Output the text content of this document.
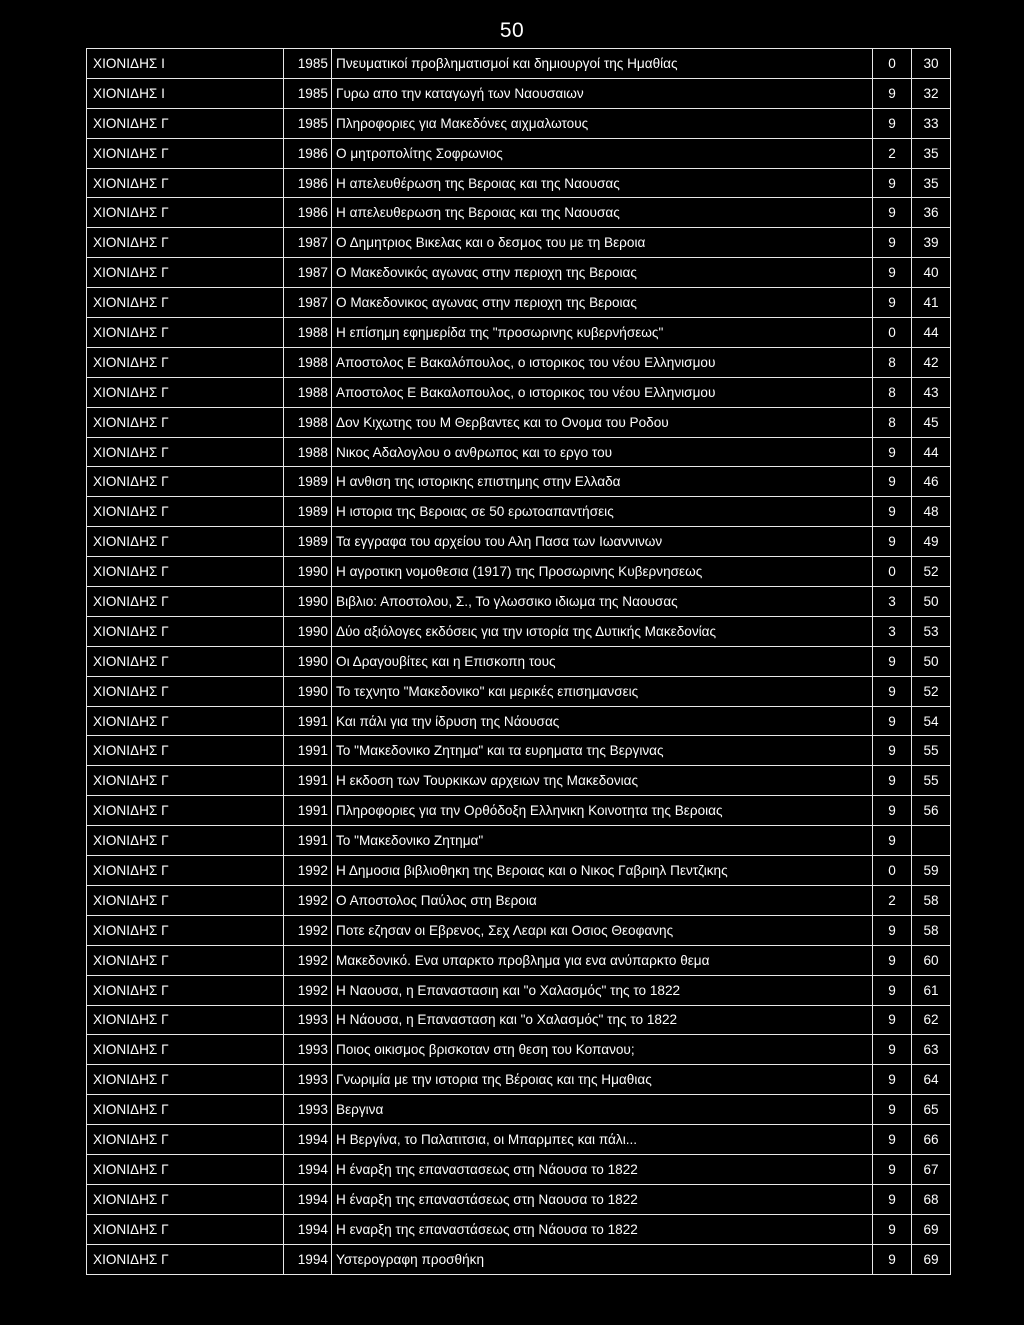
50
ΧΙΟΝΙΔΗΣ Ι	1985	Πνευματικοί προβληματισμοί και δημιουργοί της Ημαθίας	0	30
ΧΙΟΝΙΔΗΣ Ι	1985	Γυρω απο την καταγωγή των Ναουσαιων	9	32
ΧΙΟΝΙΔΗΣ Γ	1985	Πληροφοριες για Μακεδόνες αιχμαλωτους	9	33
ΧΙΟΝΙΔΗΣ Γ	1986	Ο μητροπολίτης Σοφρωνιος	2	35
ΧΙΟΝΙΔΗΣ Γ	1986	Η απελευθέρωση της Βεροιας και της Ναουσας	9	35
ΧΙΟΝΙΔΗΣ Γ	1986	Η απελευθερωση της Βεροιας και της Ναουσας	9	36
ΧΙΟΝΙΔΗΣ Γ	1987	Ο Δημητριος Βικελας και ο δεσμος του με τη Βεροια	9	39
ΧΙΟΝΙΔΗΣ Γ	1987	Ο Μακεδονικός αγωνας στην περιοχη της Βεροιας	9	40
ΧΙΟΝΙΔΗΣ Γ	1987	Ο Μακεδονικος αγωνας στην περιοχη της Βεροιας	9	41
ΧΙΟΝΙΔΗΣ Γ	1988	Η επίσημη εφημερίδα της "προσωρινης κυβερνήσεως"	0	44
ΧΙΟΝΙΔΗΣ Γ	1988	Αποστολος Ε Βακαλόπουλος, ο ιστορικος του νέου Ελληνισμου	8	42
ΧΙΟΝΙΔΗΣ Γ	1988	Αποστολος Ε Βακαλοπουλος, ο ιστορικος του νέου Ελληνισμου	8	43
ΧΙΟΝΙΔΗΣ Γ	1988	Δον Κιχωτης του Μ Θερβαντες και το Ονομα του Ροδου	8	45
ΧΙΟΝΙΔΗΣ Γ	1988	Νικος Αδαλογλου ο ανθρωπος και το εργο του	9	44
ΧΙΟΝΙΔΗΣ Γ	1989	Η ανθιση της ιστορικης επιστημης στην Ελλαδα	9	46
ΧΙΟΝΙΔΗΣ Γ	1989	Η ιστορια της Βεροιας σε 50 ερωτοαπαντήσεις	9	48
ΧΙΟΝΙΔΗΣ Γ	1989	Τα εγγραφα του αρχείου του Αλη Πασα των Ιωαννινων	9	49
ΧΙΟΝΙΔΗΣ Γ	1990	Η αγροτικη νομοθεσια (1917) της Προσωρινης Κυβερνησεως	0	52
ΧΙΟΝΙΔΗΣ Γ	1990	Βιβλιο: Αποστολου, Σ., Το γλωσσικο ιδιωμα της Ναουσας	3	50
ΧΙΟΝΙΔΗΣ Γ	1990	Δύο αξιόλογες εκδόσεις για την ιστορία της Δυτικής Μακεδονίας	3	53
ΧΙΟΝΙΔΗΣ Γ	1990	Οι Δραγουβίτες και η Επισκοπη τους	9	50
ΧΙΟΝΙΔΗΣ Γ	1990	Το τεχνητο "Μακεδονικο" και μερικές επισημανσεις	9	52
ΧΙΟΝΙΔΗΣ Γ	1991	Και πάλι για την ίδρυση της Νάουσας	9	54
ΧΙΟΝΙΔΗΣ Γ	1991	Το "Μακεδονικο Ζητημα" και τα ευρηματα της Βεργινας	9	55
ΧΙΟΝΙΔΗΣ Γ	1991	Η εκδοση των Τουρκικων αρχειων της Μακεδονιας	9	55
ΧΙΟΝΙΔΗΣ Γ	1991	Πληροφοριες για την Ορθόδοξη Ελληνικη Κοινοτητα της Βεροιας	9	56
ΧΙΟΝΙΔΗΣ Γ	1991	Το "Μακεδονικο Ζητημα"	9	
ΧΙΟΝΙΔΗΣ Γ	1992	Η Δημοσια βιβλιοθηκη της Βεροιας και ο Νικος Γαβριηλ Πεντζικης	0	59
ΧΙΟΝΙΔΗΣ Γ	1992	Ο Αποστολος Παύλος στη Βεροια	2	58
ΧΙΟΝΙΔΗΣ Γ	1992	Ποτε εζησαν οι Εβρενος, Σεχ Λεαρι και Οσιος Θεοφανης	9	58
ΧΙΟΝΙΔΗΣ Γ	1992	Μακεδονικό. Ενα υπαρκτο προβλημα για ενα ανύπαρκτο θεμα	9	60
ΧΙΟΝΙΔΗΣ Γ	1992	Η Ναουσα, η Επαναστασιη και "ο Χαλασμός" της το 1822	9	61
ΧΙΟΝΙΔΗΣ Γ	1993	Η Νάουσα, η Επανασταση και "ο Χαλασμός" της το 1822	9	62
ΧΙΟΝΙΔΗΣ Γ	1993	Ποιος οικισμος βρισκοταν στη θεση του Κοπανου;	9	63
ΧΙΟΝΙΔΗΣ Γ	1993	Γνωριμία με την ιστορια της Βέροιας και της Ημαθιας	9	64
ΧΙΟΝΙΔΗΣ Γ	1993	Βεργινα	9	65
ΧΙΟΝΙΔΗΣ Γ	1994	Η Βεργίνα, το Παλατιτσια, οι Μπαρμπες και πάλι...	9	66
ΧΙΟΝΙΔΗΣ Γ	1994	Η έναρξη της επαναστασεως στη Νάουσα το 1822	9	67
ΧΙΟΝΙΔΗΣ Γ	1994	Η έναρξη της επαναστάσεως στη Ναουσα το 1822	9	68
ΧΙΟΝΙΔΗΣ Γ	1994	Η εναρξη της επαναστάσεως στη Νάουσα το 1822	9	69
ΧΙΟΝΙΔΗΣ Γ	1994	Υστερογραφη προσθήκη	9	69
